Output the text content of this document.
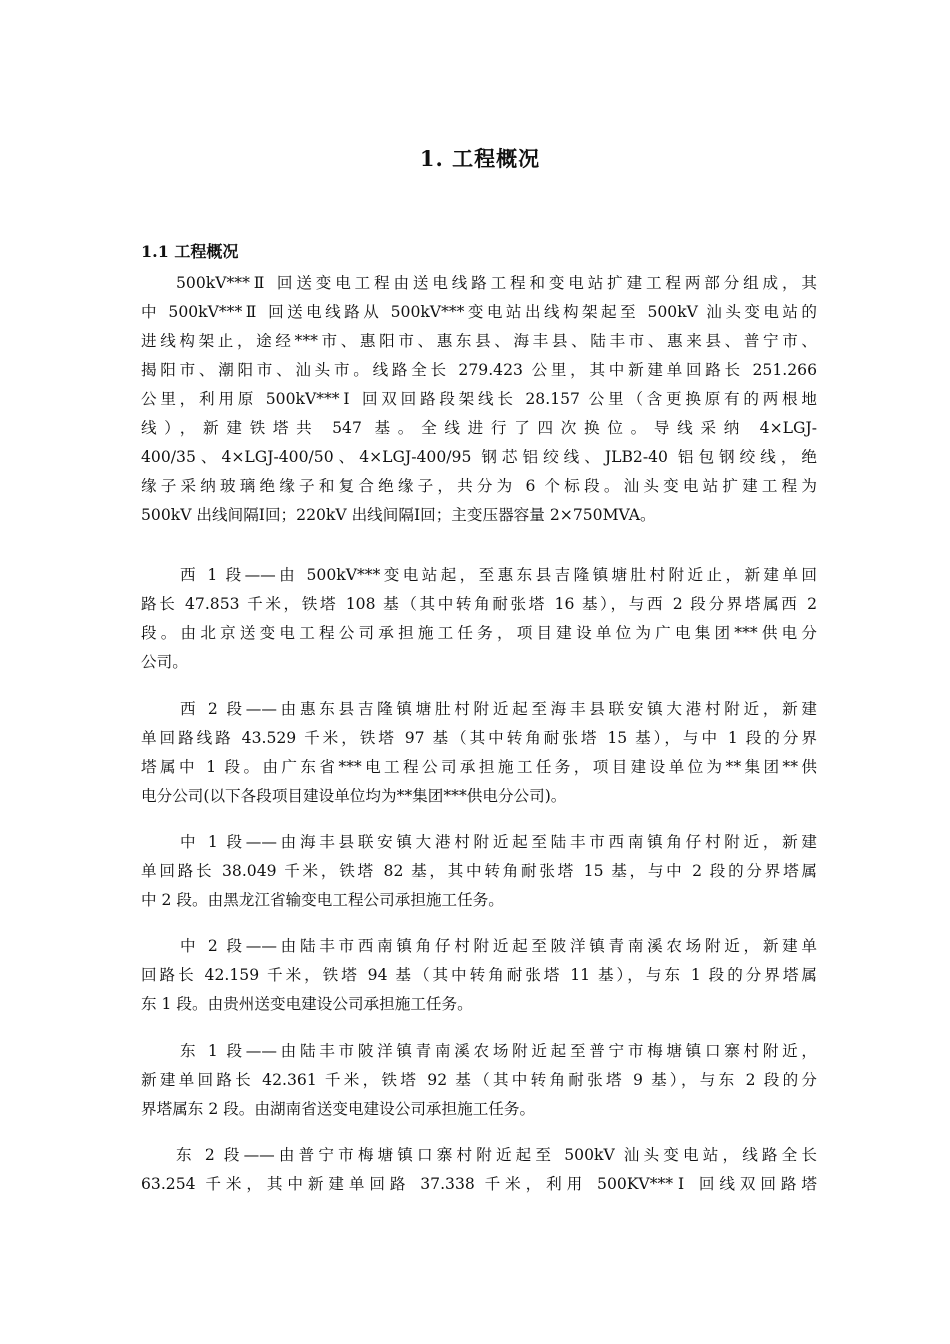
1. 工程概况
1.1 工程概况
500kV***Ⅱ 回送变电工程由送电线路工程和变电站扩建工程两部分组成，其
中 500kV***Ⅱ 回送电线路从 500kV***变电站出线构架起至 500kV 汕头变电站的
进线构架止，途经***市、惠阳市、惠东县、海丰县、陆丰市、惠来县、普宁市、
揭阳市、潮阳市、汕头市。线路全长 279.423 公里，其中新建单回路长 251.266
公里，利用原 500kV***Ⅰ 回双回路段架线长 28.157 公里（含更换原有的两根地
线），新建铁塔共 547 基。全线进行了四次换位。导线采纳 4×LGJ-
400/35、4×LGJ-400/50、4×LGJ-400/95 钢芯铝绞线、JLB2-40 铝包钢绞线，绝
缘子采纳玻璃绝缘子和复合绝缘子，共分为 6 个标段。汕头变电站扩建工程为
500kV 出线间隔Ⅰ回；220kV 出线间隔Ⅰ回；主变压器容量 2×750MVA。
西 1 段——由 500kV***变电站起，至惠东县吉隆镇塘肚村附近止，新建单回
路长 47.853 千米，铁塔 108 基（其中转角耐张塔 16 基），与西 2 段分界塔属西 2
段。由北京送变电工程公司承担施工任务，项目建设单位为广电集团***供电分
公司。
西 2 段——由惠东县吉隆镇塘肚村附近起至海丰县联安镇大港村附近，新建
单回路线路 43.529 千米，铁塔 97 基（其中转角耐张塔 15 基），与中 1 段的分界
塔属中 1 段。由广东省***电工程公司承担施工任务，项目建设单位为**集团**供
电分公司(以下各段项目建设单位均为**集团***供电分公司)。
中 1 段——由海丰县联安镇大港村附近起至陆丰市西南镇角仔村附近，新建
单回路长 38.049 千米，铁塔 82 基，其中转角耐张塔 15 基，与中 2 段的分界塔属
中 2 段。由黑龙江省输变电工程公司承担施工任务。
中 2 段——由陆丰市西南镇角仔村附近起至陂洋镇青南溪农场附近，新建单
回路长 42.159 千米，铁塔 94 基（其中转角耐张塔 11 基），与东 1 段的分界塔属
东 1 段。由贵州送变电建设公司承担施工任务。
东 1 段——由陆丰市陂洋镇青南溪农场附近起至普宁市梅塘镇口寨村附近，
新建单回路长 42.361 千米，铁塔 92 基（其中转角耐张塔 9 基），与东 2 段的分
界塔属东 2 段。由湖南省送变电建设公司承担施工任务。
东 2 段——由普宁市梅塘镇口寨村附近起至 500kV 汕头变电站，线路全长
63.254 千米，其中新建单回路 37.338 千米，利用 500KV***Ⅰ 回线双回路塔
